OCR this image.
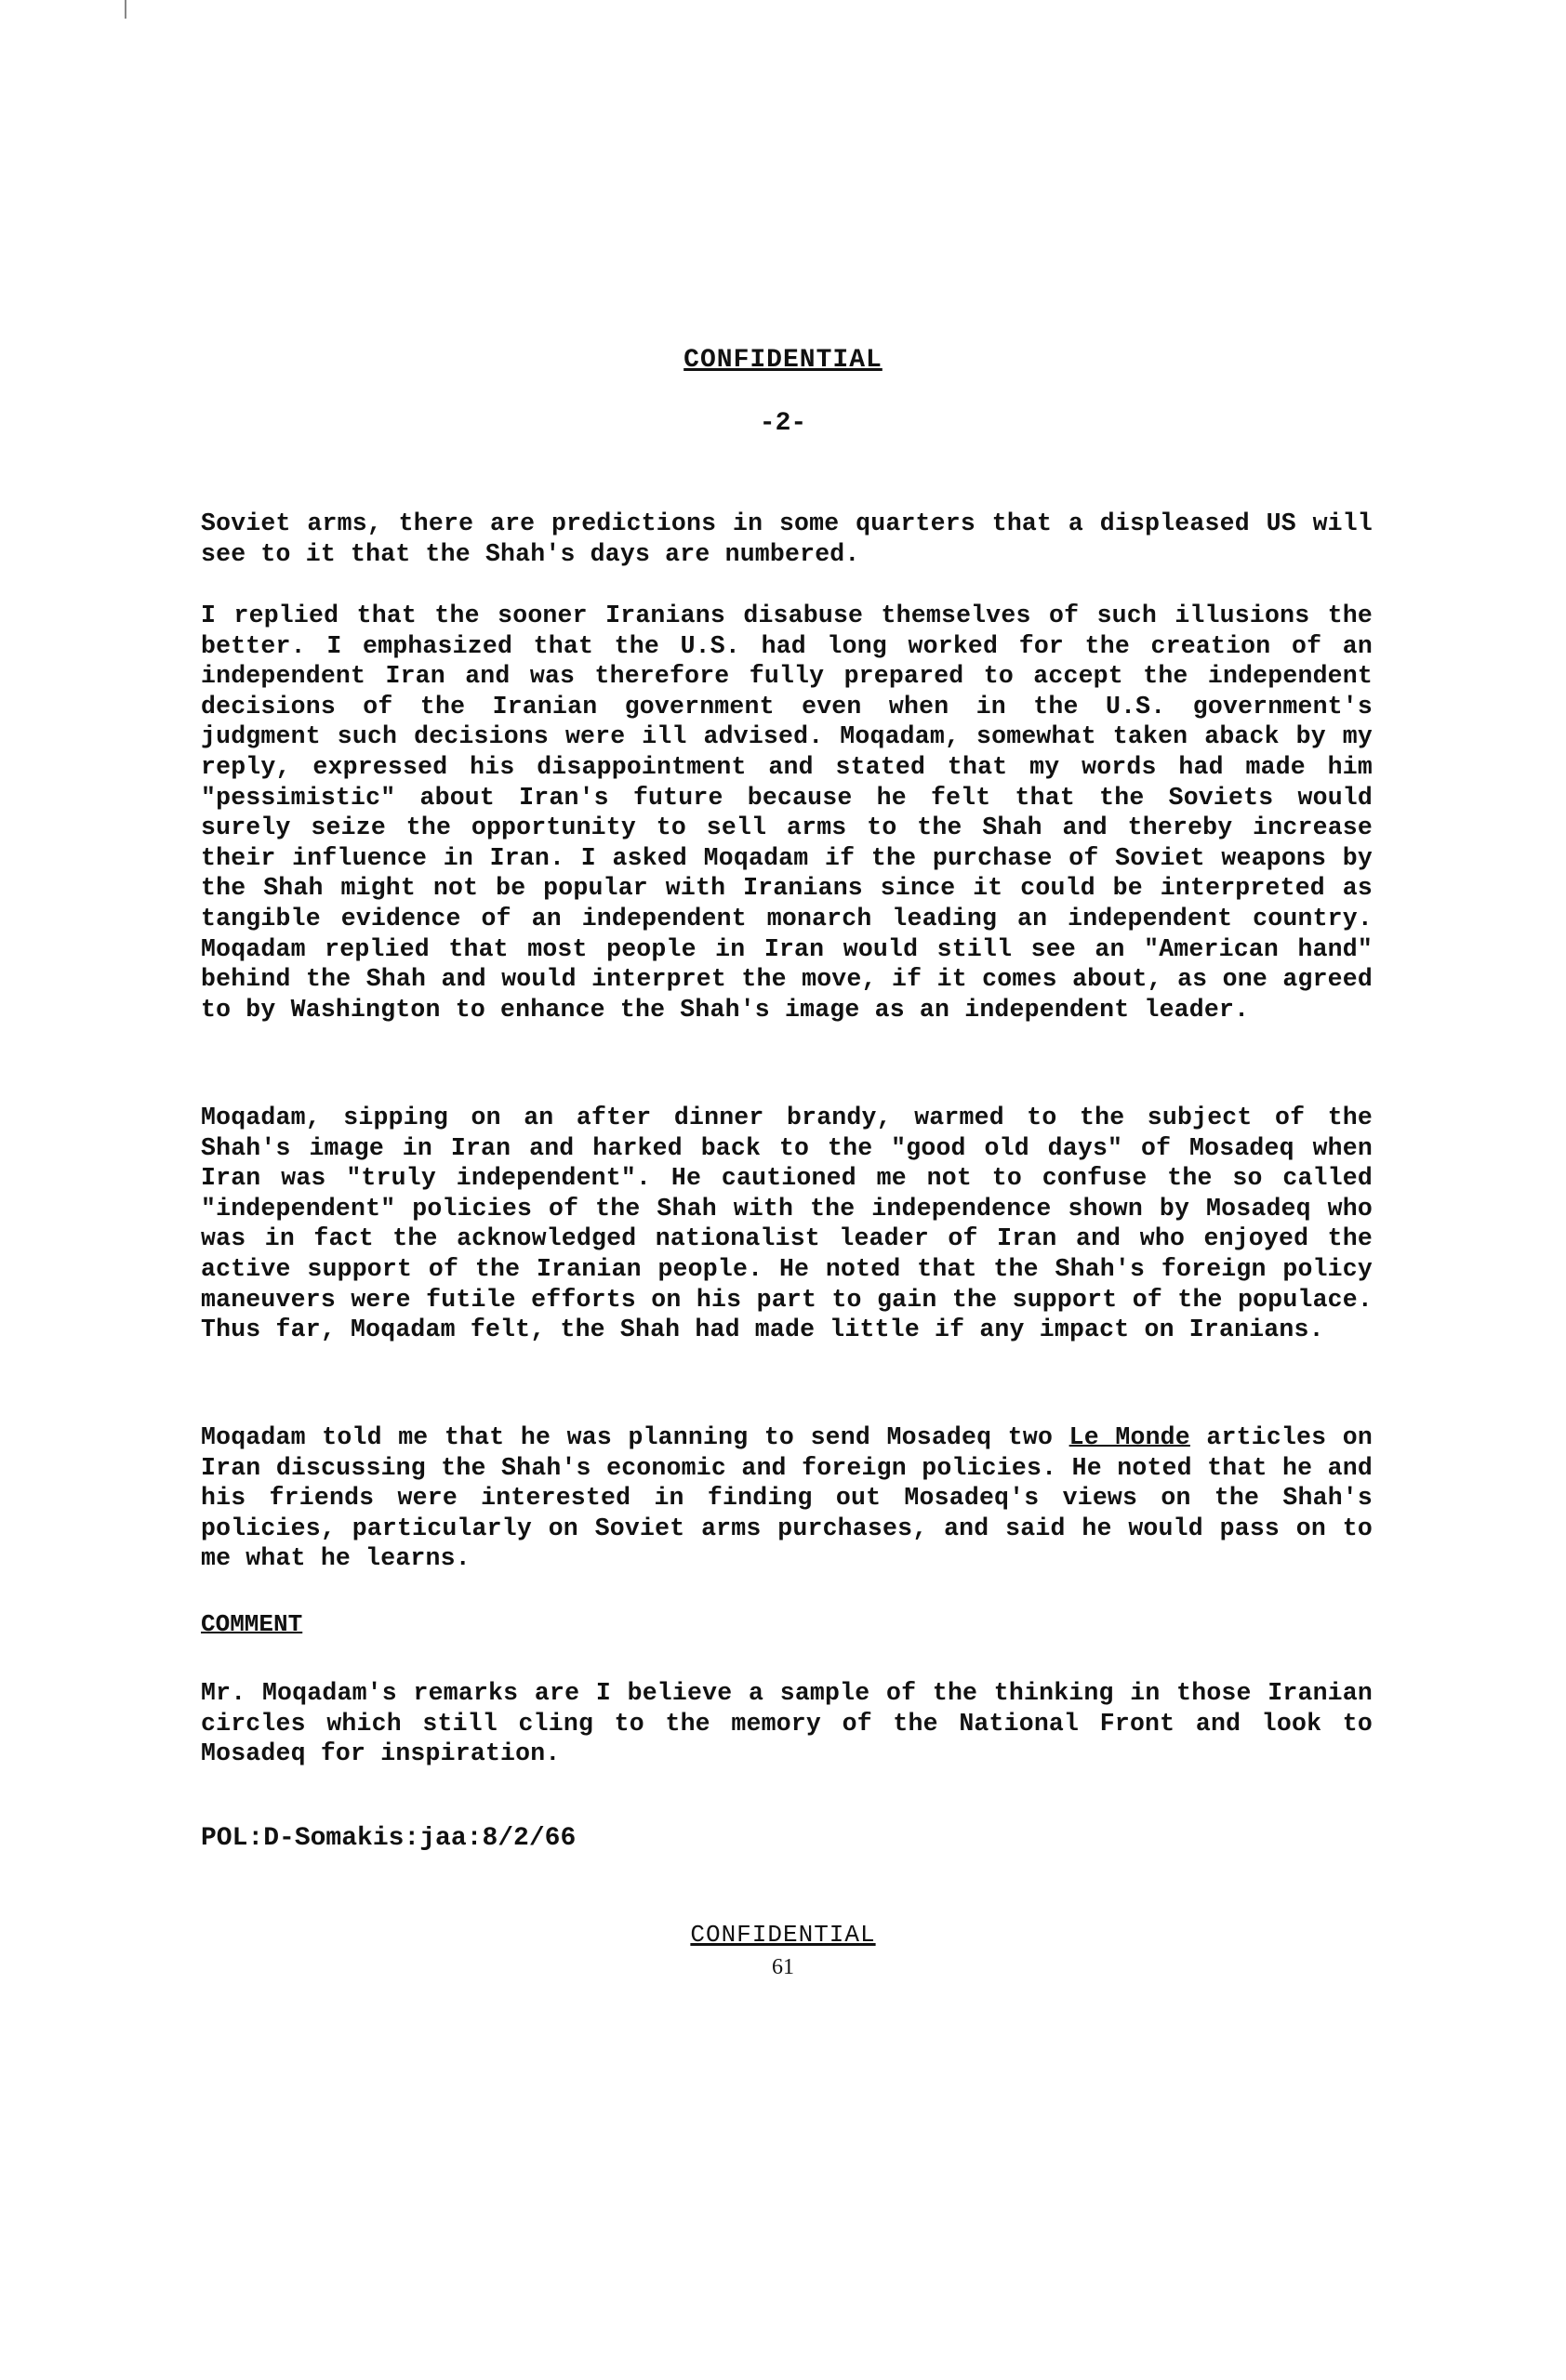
CONFIDENTIAL
-2-
Soviet arms, there are predictions in some quarters that a displeased US will see to it that the Shah's days are numbered.
I replied that the sooner Iranians disabuse themselves of such illusions the better. I emphasized that the U.S. had long worked for the creation of an independent Iran and was therefore fully prepared to accept the independent decisions of the Iranian government even when in the U.S. government's judgment such decisions were ill advised. Moqadam, somewhat taken aback by my reply, expressed his disappointment and stated that my words had made him "pessimistic" about Iran's future because he felt that the Soviets would surely seize the opportunity to sell arms to the Shah and thereby increase their influence in Iran. I asked Moqadam if the purchase of Soviet weapons by the Shah might not be popular with Iranians since it could be interpreted as tangible evidence of an independent monarch leading an independent country. Moqadam replied that most people in Iran would still see an "American hand" behind the Shah and would interpret the move, if it comes about, as one agreed to by Washington to enhance the Shah's image as an independent leader.
Moqadam, sipping on an after dinner brandy, warmed to the subject of the Shah's image in Iran and harked back to the "good old days" of Mosadeq when Iran was "truly independent". He cautioned me not to confuse the so called "independent" policies of the Shah with the independence shown by Mosadeq who was in fact the acknowledged nationalist leader of Iran and who enjoyed the active support of the Iranian people. He noted that the Shah's foreign policy maneuvers were futile efforts on his part to gain the support of the populace. Thus far, Moqadam felt, the Shah had made little if any impact on Iranians.
Moqadam told me that he was planning to send Mosadeq two Le Monde articles on Iran discussing the Shah's economic and foreign policies. He noted that he and his friends were interested in finding out Mosadeq's views on the Shah's policies, particularly on Soviet arms purchases, and said he would pass on to me what he learns.
COMMENT
Mr. Moqadam's remarks are I believe a sample of the thinking in those Iranian circles which still cling to the memory of the National Front and look to Mosadeq for inspiration.
POL:D-Somakis:jaa:8/2/66
CONFIDENTIAL
61
